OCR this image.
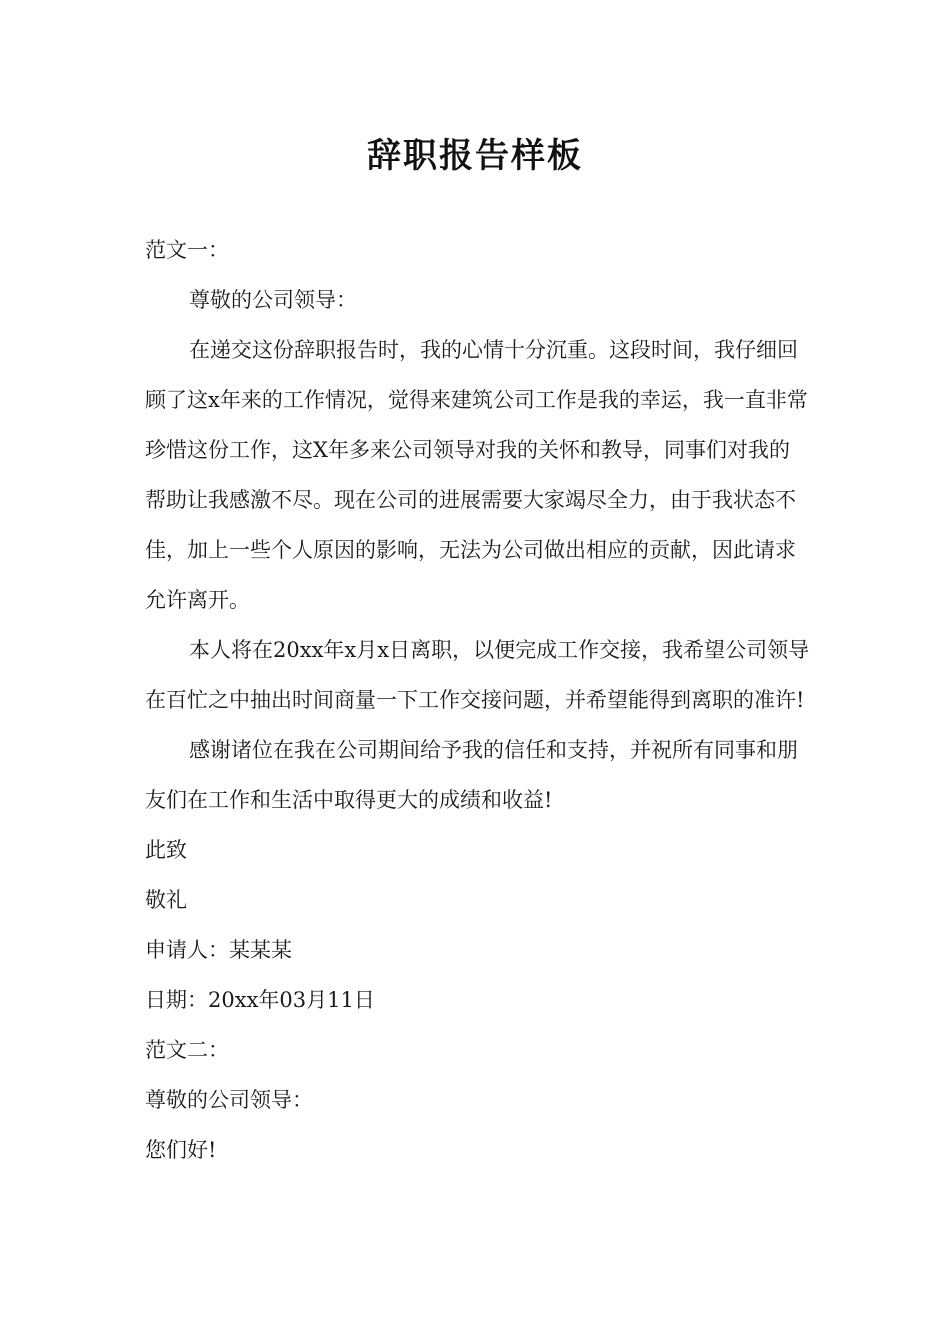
辞职报告样板

范文一：

尊敬的公司领导：

在递交这份辞职报告时，我的心情十分沉重。这段时间，我仔细回顾了这x年来的工作情况，觉得来建筑公司工作是我的幸运，我一直非常珍惜这份工作，这X年多来公司领导对我的关怀和教导，同事们对我的帮助让我感激不尽。现在公司的进展需要大家竭尽全力，由于我状态不佳，加上一些个人原因的影响，无法为公司做出相应的贡献，因此请求允许离开。

本人将在20xx年x月x日离职，以便完成工作交接，我希望公司领导在百忙之中抽出时间商量一下工作交接问题，并希望能得到离职的准许!

感谢诸位在我在公司期间给予我的信任和支持，并祝所有同事和朋友们在工作和生活中取得更大的成绩和收益!

此致

敬礼

申请人：某某某

日期：20xx年03月11日

范文二：

尊敬的公司领导：

您们好!
